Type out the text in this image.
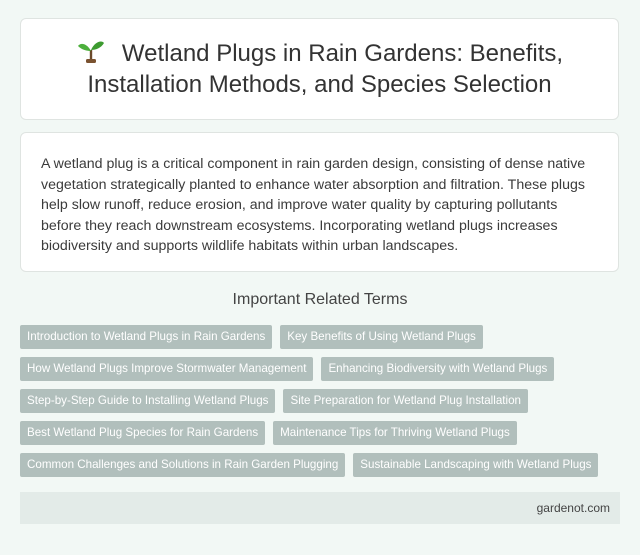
Wetland Plugs in Rain Gardens: Benefits, Installation Methods, and Species Selection

A wetland plug is a critical component in rain garden design, consisting of dense native vegetation strategically planted to enhance water absorption and filtration. These plugs help slow runoff, reduce erosion, and improve water quality by capturing pollutants before they reach downstream ecosystems. Incorporating wetland plugs increases biodiversity and supports wildlife habitats within urban landscapes.

Important Related Terms
Introduction to Wetland Plugs in Rain Gardens	Key Benefits of Using Wetland Plugs
How Wetland Plugs Improve Stormwater Management	Enhancing Biodiversity with Wetland Plugs
Step-by-Step Guide to Installing Wetland Plugs	Site Preparation for Wetland Plug Installation
Best Wetland Plug Species for Rain Gardens	Maintenance Tips for Thriving Wetland Plugs
Common Challenges and Solutions in Rain Garden Plugging	Sustainable Landscaping with Wetland Plugs
gardenot.com
